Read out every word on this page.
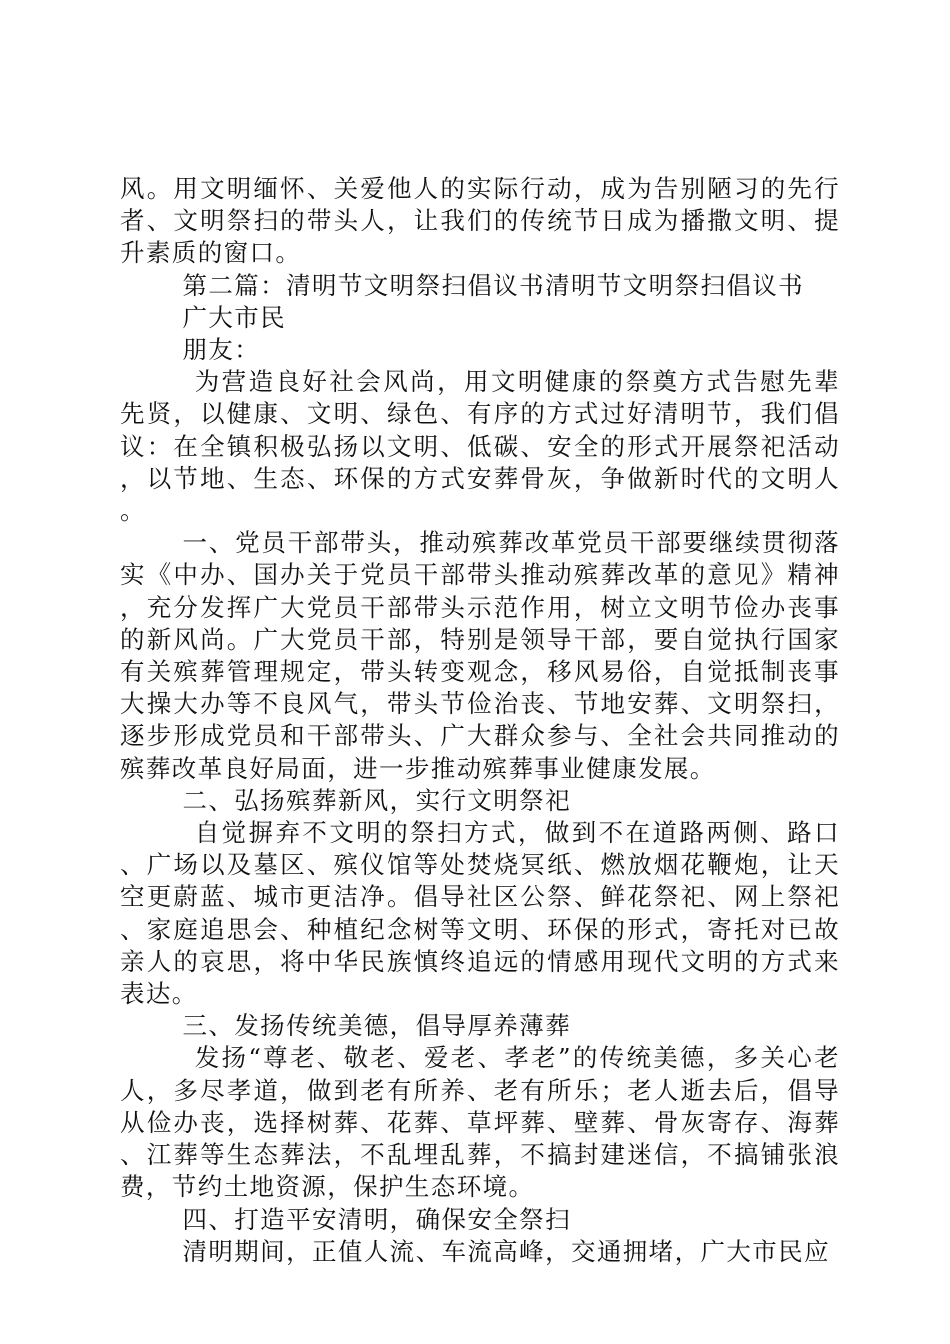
风。用文明缅怀、关爱他人的实际行动，成为告别陋习的先行者、文明祭扫的带头人，让我们的传统节日成为播撒文明、提升素质的窗口。

第二篇：清明节文明祭扫倡议书清明节文明祭扫倡议书

广大市民

朋友：

为营造良好社会风尚，用文明健康的祭奠方式告慰先辈先贤，以健康、文明、绿色、有序的方式过好清明节，我们倡议：在全镇积极弘扬以文明、低碳、安全的形式开展祭祀活动，以节地、生态、环保的方式安葬骨灰，争做新时代的文明人。

一、党员干部带头，推动殡葬改革党员干部要继续贯彻落实《中办、国办关于党员干部带头推动殡葬改革的意见》精神，充分发挥广大党员干部带头示范作用，树立文明节俭办丧事的新风尚。广大党员干部，特别是领导干部，要自觉执行国家有关殡葬管理规定，带头转变观念，移风易俗，自觉抵制丧事大操大办等不良风气，带头节俭治丧、节地安葬、文明祭扫，逐步形成党员和干部带头、广大群众参与、全社会共同推动的殡葬改革良好局面，进一步推动殡葬事业健康发展。

二、弘扬殡葬新风，实行文明祭祀

自觉摒弃不文明的祭扫方式，做到不在道路两侧、路口、广场以及墓区、殡仪馆等处焚烧冥纸、燃放烟花鞭炮，让天空更蔚蓝、城市更洁净。倡导社区公祭、鲜花祭祀、网上祭祀、家庭追思会、种植纪念树等文明、环保的形式，寄托对已故亲人的哀思，将中华民族慎终追远的情感用现代文明的方式来表达。

三、发扬传统美德，倡导厚养薄葬

发扬“尊老、敬老、爱老、孝老”的传统美德，多关心老人，多尽孝道，做到老有所养、老有所乐；老人逝去后，倡导从俭办丧，选择树葬、花葬、草坪葬、壁葬、骨灰寄存、海葬、江葬等生态葬法，不乱埋乱葬，不搞封建迷信，不搞铺张浪费，节约土地资源，保护生态环境。

四、打造平安清明，确保安全祭扫

清明期间，正值人流、车流高峰，交通拥堵，广大市民应
